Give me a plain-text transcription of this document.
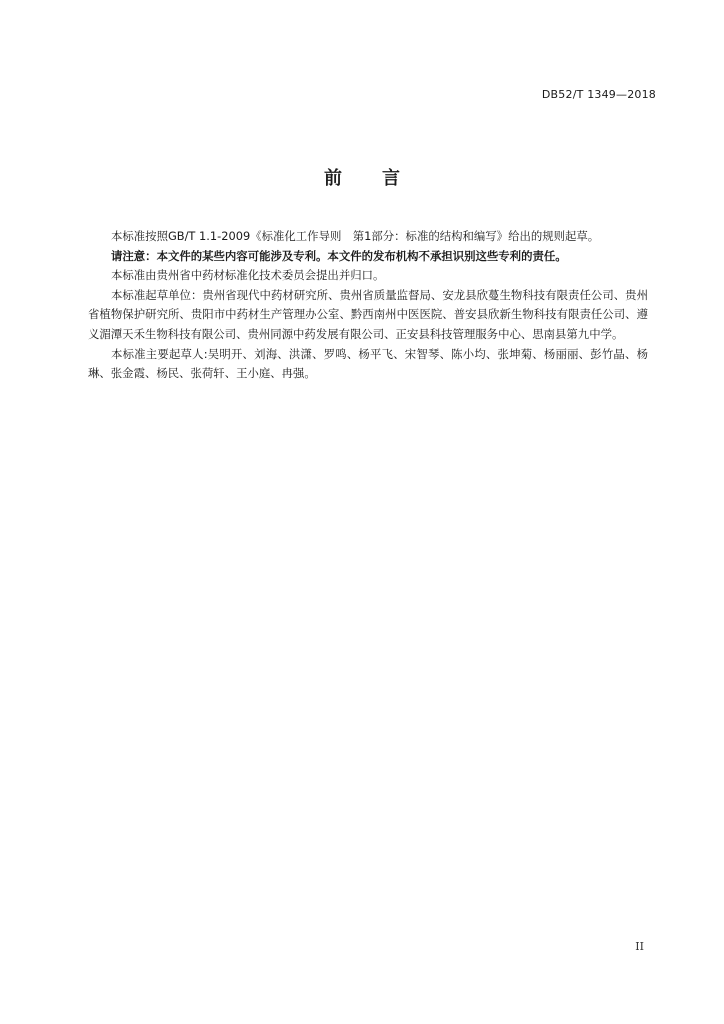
DB52/T 1349—2018
前 言

本标准按照GB/T 1.1-2009《标准化工作导则　第1部分：标准的结构和编写》给出的规则起草。

请注意：本文件的某些内容可能涉及专利。本文件的发布机构不承担识别这些专利的责任。

本标准由贵州省中药材标准化技术委员会提出并归口。

本标准起草单位：贵州省现代中药材研究所、贵州省质量监督局、安龙县欣蔓生物科技有限责任公司、贵州省植物保护研究所、贵阳市中药材生产管理办公室、黔西南州中医医院、普安县欣新生物科技有限责任公司、遵义湄潭天禾生物科技有限公司、贵州同源中药发展有限公司、正安县科技管理服务中心、思南县第九中学。

本标准主要起草人:吴明开、刘海、洪潇、罗鸣、杨平飞、宋智琴、陈小均、张坤菊、杨丽丽、彭竹晶、杨琳、张金霞、杨民、张荷轩、王小庭、冉强。

II
